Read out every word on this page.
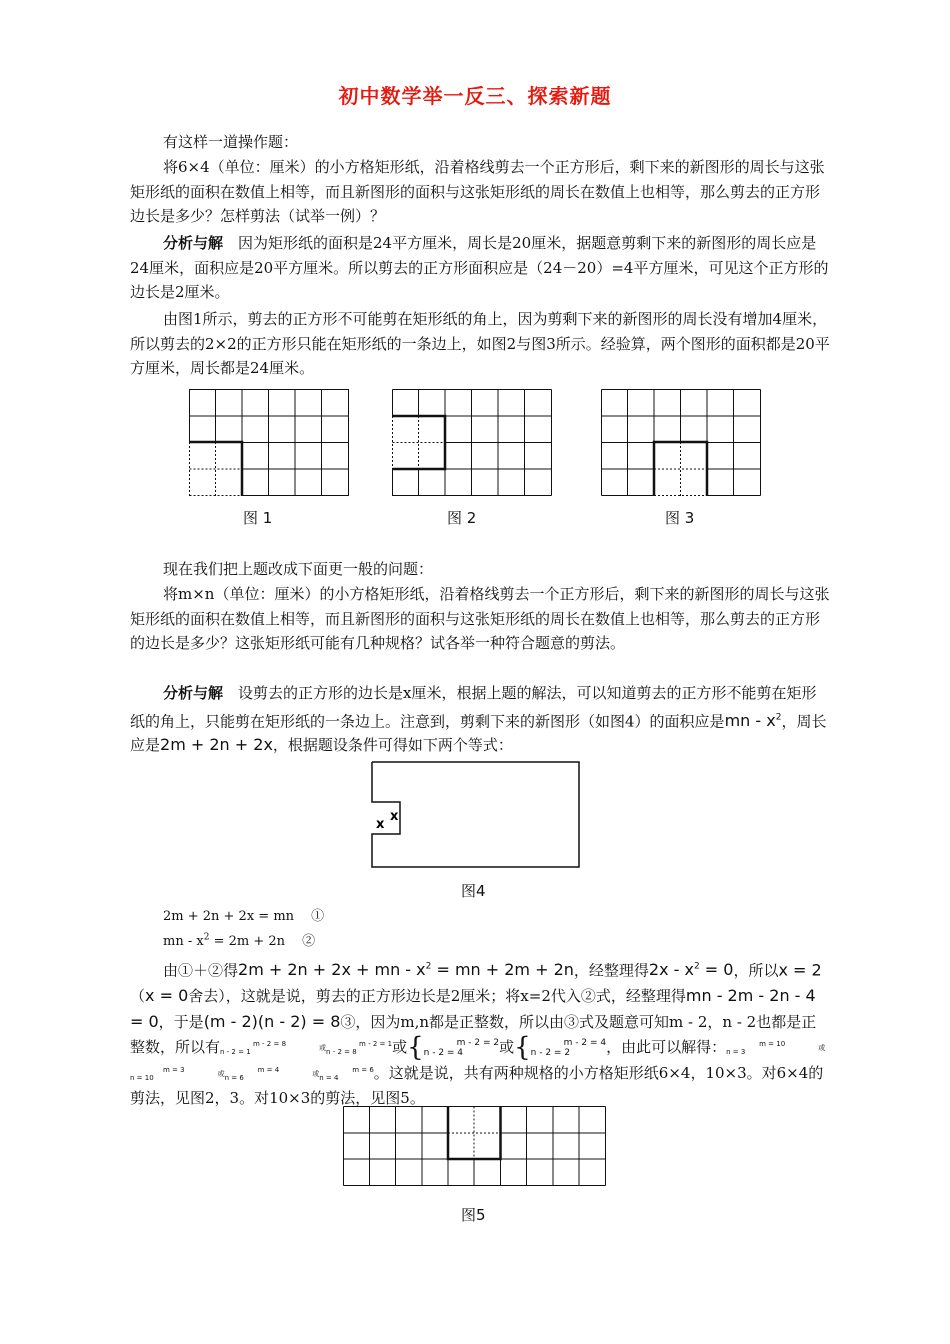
初中数学举一反三、探索新题

有这样一道操作题：

将6×4（单位：厘米）的小方格矩形纸，沿着格线剪去一个正方形后，剩下来的新图形的周长与这张矩形纸的面积在数值上相等，而且新图形的面积与这张矩形纸的周长在数值上也相等，那么剪去的正方形边长是多少？怎样剪法（试举一例）？

分析与解　因为矩形纸的面积是24平方厘米，周长是20厘米，据题意剪剩下来的新图形的周长应是24厘米，面积应是20平方厘米。所以剪去的正方形面积应是（24－20）=4平方厘米，可见这个正方形的边长是2厘米。

由图1所示，剪去的正方形不可能剪在矩形纸的角上，因为剪剩下来的新图形的周长没有增加4厘米，所以剪去的2×2的正方形只能在矩形纸的一条边上，如图2与图3所示。经验算，两个图形的面积都是20平方厘米，周长都是24厘米。

图 1	图 2	图 3

现在我们把上题改成下面更一般的问题：

将m×n（单位：厘米）的小方格矩形纸，沿着格线剪去一个正方形后，剩下来的新图形的周长与这张矩形纸的面积在数值上相等，而且新图形的面积与这张矩形纸的周长在数值上也相等，那么剪去的正方形的边长是多少？这张矩形纸可能有几种规格？试各举一种符合题意的剪法。

分析与解　设剪去的正方形的边长是x厘米，根据上题的解法，可以知道剪去的正方形不能剪在矩形纸的角上，只能剪在矩形纸的一条边上。注意到，剪剩下来的新图形（如图4）的面积应是mn - $x^2$，周长应是2m + 2n + 2x，根据题设条件可得如下两个等式：

x
x
图4
2m + 2n + 2x = mn　 ①
mn - $x^2 = 2m + 2n$　 ②

由①＋②得2m + 2n + 2x + mn - $x^2$ = mn + 2m + 2n，经整理得$2x - x^2 = 0$，所以x = 2（x = 0舍去），这就是说，剪去的正方形边长是2厘米；将x=2代入②式，经整理得mn - 2m - 2n - 4 = 0，于是(m - 2)(n - 2) = 8③，因为m,n都是正整数，所以由③式及题意可知m - 2，n - 2也都是正整数，所以有	m - 2 = 8
n - 2 = 1	或	m - 2 = 1
n - 2 = 8 或{	m - 2 = 2
n - 2 = 4 或{	m - 2 = 4
n - 2 = 2 ，由此可以解得：	m = 10
n = 3	或m = 3
n = 10	或	m = 4
n = 6	或	m = 6
n = 4 。这就是说，共有两种规格的小方格矩形纸6×4，10×3。对6×4的剪法，见图2，3。对10×3的剪法，见图5。

图5
